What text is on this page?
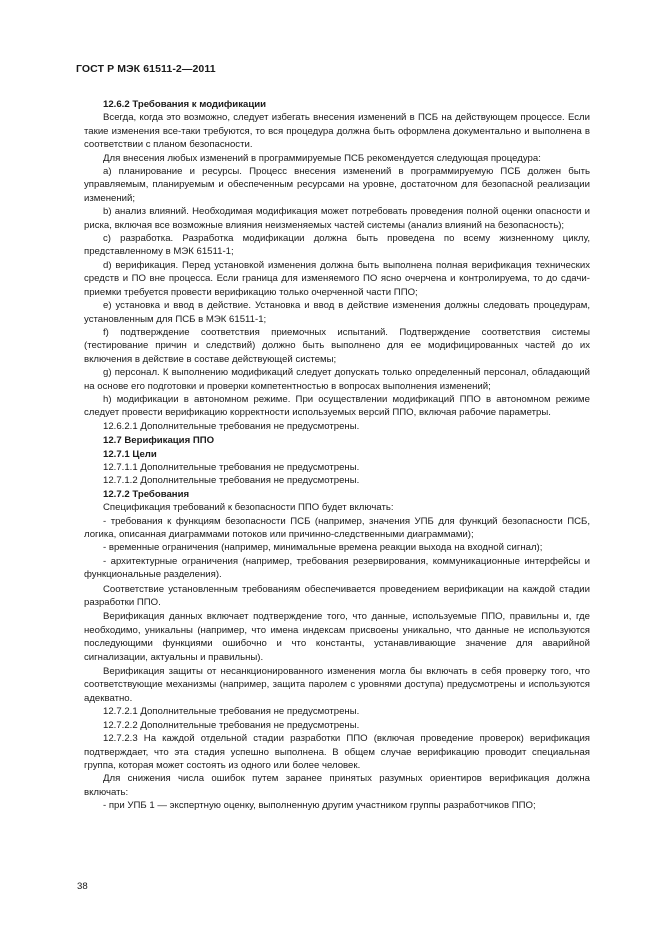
ГОСТ Р МЭК 61511-2—2011

12.6.2 Требования к модификации

Всегда, когда это возможно, следует избегать внесения изменений в ПСБ на действующем процессе. Если такие изменения все-таки требуются, то вся процедура должна быть оформлена документально и выполнена в соответствии с планом безопасности.

Для внесения любых изменений в программируемые ПСБ рекомендуется следующая процедура:

a) планирование и ресурсы. Процесс внесения изменений в программируемую ПСБ должен быть управляемым, планируемым и обеспеченным ресурсами на уровне, достаточном для безопасной реализации изменений;

b) анализ влияний. Необходимая модификация может потребовать проведения полной оценки опасности и риска, включая все возможные влияния неизменяемых частей системы (анализ влияний на безопасность);

c) разработка. Разработка модификации должна быть проведена по всему жизненному циклу, представленному в МЭК 61511-1;

d) верификация. Перед установкой изменения должна быть выполнена полная верификация технических средств и ПО вне процесса. Если граница для изменяемого ПО ясно очерчена и контролируема, то до сдачи-приемки требуется провести верификацию только очерченной части ППО;

e) установка и ввод в действие. Установка и ввод в действие изменения должны следовать процедурам, установленным для ПСБ в МЭК 61511-1;

f) подтверждение соответствия приемочных испытаний. Подтверждение соответствия системы (тестирование причин и следствий) должно быть выполнено для ее модифицированных частей до их включения в действие в составе действующей системы;

g) персонал. К выполнению модификаций следует допускать только определенный персонал, обладающий на основе его подготовки и проверки компетентностью в вопросах выполнения изменений;

h) модификации в автономном режиме. При осуществлении модификаций ППО в автономном режиме следует провести верификацию корректности используемых версий ППО, включая рабочие параметры.

12.6.2.1 Дополнительные требования не предусмотрены.

12.7 Верификация ППО

12.7.1 Цели

12.7.1.1 Дополнительные требования не предусмотрены.

12.7.1.2 Дополнительные требования не предусмотрены.

12.7.2 Требования

Спецификация требований к безопасности ППО будет включать:

- требования к функциям безопасности ПСБ (например, значения УПБ для функций безопасности ПСБ, логика, описанная диаграммами потоков или причинно-следственными диаграммами);

- временные ограничения (например, минимальные времена реакции выхода на входной сигнал);

- архитектурные ограничения (например, требования резервирования, коммуникационные интерфейсы и функциональные разделения).

Соответствие установленным требованиям обеспечивается проведением верификации на каждой стадии разработки ППО.

Верификация данных включает подтверждение того, что данные, используемые ППО, правильны и, где необходимо, уникальны (например, что имена индексам присвоены уникально, что данные не используются последующими функциями ошибочно и что константы, устанавливающие значение для аварийной сигнализации, актуальны и правильны).

Верификация защиты от несанкционированного изменения могла бы включать в себя проверку того, что соответствующие механизмы (например, защита паролем с уровнями доступа) предусмотрены и используются адекватно.

12.7.2.1 Дополнительные требования не предусмотрены.

12.7.2.2 Дополнительные требования не предусмотрены.

12.7.2.3 На каждой отдельной стадии разработки ППО (включая проведение проверок) верификация подтверждает, что эта стадия успешно выполнена. В общем случае верификацию проводит специальная группа, которая может состоять из одного или более человек.

Для снижения числа ошибок путем заранее принятых разумных ориентиров верификация должна включать:

- при УПБ 1 — экспертную оценку, выполненную другим участником группы разработчиков ППО;

38
